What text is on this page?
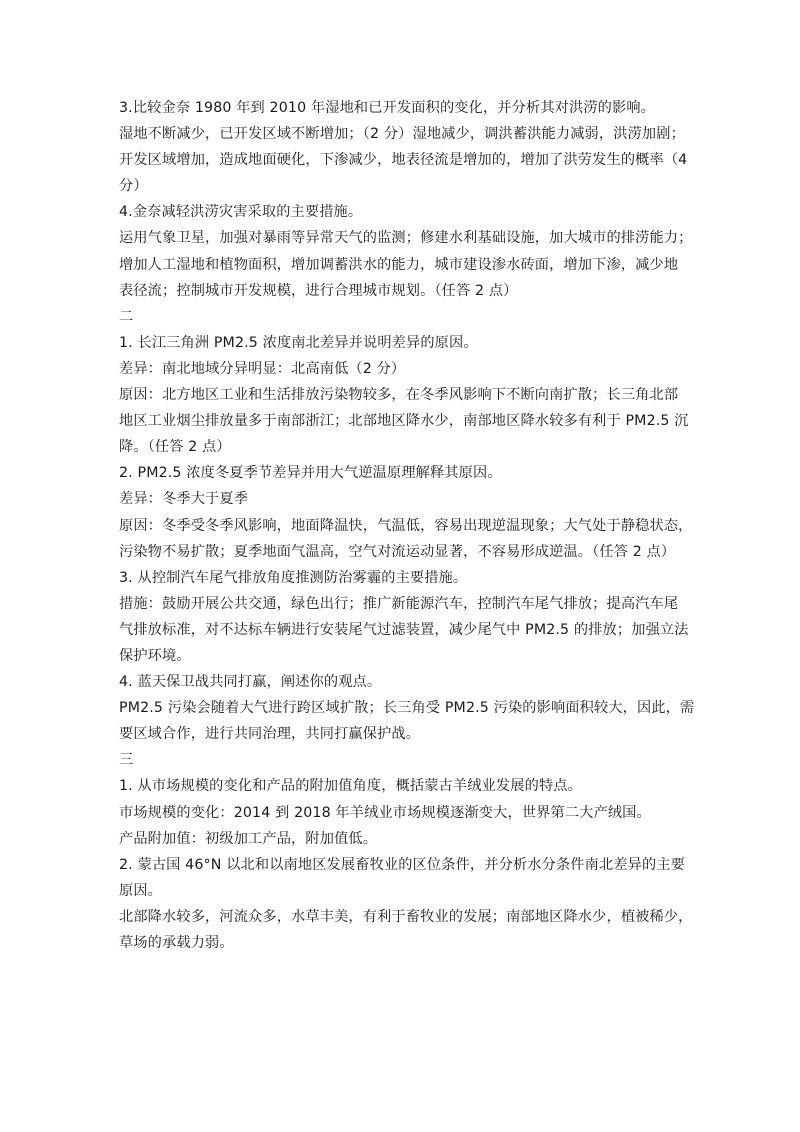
3.比较金奈 1980 年到 2010 年湿地和已开发面积的变化，并分析其对洪涝的影响。
湿地不断减少，已开发区域不断增加；（2 分）湿地减少，调洪蓄洪能力减弱，洪涝加剧；
开发区域增加，造成地面硬化，下渗减少，地表径流是增加的，增加了洪劳发生的概率（4
分）
4.金奈减轻洪涝灾害采取的主要措施。
运用气象卫星，加强对暴雨等异常天气的监测；修建水利基础设施，加大城市的排涝能力；
增加人工湿地和植物面积，增加调蓄洪水的能力，城市建设渗水砖面，增加下渗，减少地
表径流；控制城市开发规模，进行合理城市规划。（任答 2 点）
二
1. 长江三角洲 PM2.5 浓度南北差异并说明差异的原因。
差异：南北地域分异明显：北高南低（2 分）
原因：北方地区工业和生活排放污染物较多，在冬季风影响下不断向南扩散；长三角北部
地区工业烟尘排放量多于南部浙江；北部地区降水少，南部地区降水较多有利于 PM2.5 沉
降。（任答 2 点）
2. PM2.5 浓度冬夏季节差异并用大气逆温原理解释其原因。
差异：冬季大于夏季
原因：冬季受冬季风影响，地面降温快，气温低，容易出现逆温现象；大气处于静稳状态，
污染物不易扩散；夏季地面气温高，空气对流运动显著，不容易形成逆温。（任答 2 点）
3. 从控制汽车尾气排放角度推测防治雾霾的主要措施。
措施：鼓励开展公共交通，绿色出行；推广新能源汽车，控制汽车尾气排放；提高汽车尾
气排放标准，对不达标车辆进行安装尾气过滤装置，减少尾气中 PM2.5 的排放；加强立法
保护环境。
4. 蓝天保卫战共同打赢，阐述你的观点。
PM2.5 污染会随着大气进行跨区域扩散；长三角受 PM2.5 污染的影响面积较大，因此，需
要区域合作，进行共同治理，共同打赢保护战。
三
1. 从市场规模的变化和产品的附加值角度，概括蒙古羊绒业发展的特点。
市场规模的变化：2014 到 2018 年羊绒业市场规模逐渐变大，世界第二大产绒国。
产品附加值：初级加工产品，附加值低。
2. 蒙古国 46°N 以北和以南地区发展畜牧业的区位条件，并分析水分条件南北差异的主要
原因。
北部降水较多，河流众多，水草丰美，有利于畜牧业的发展；南部地区降水少，植被稀少，
草场的承载力弱。
